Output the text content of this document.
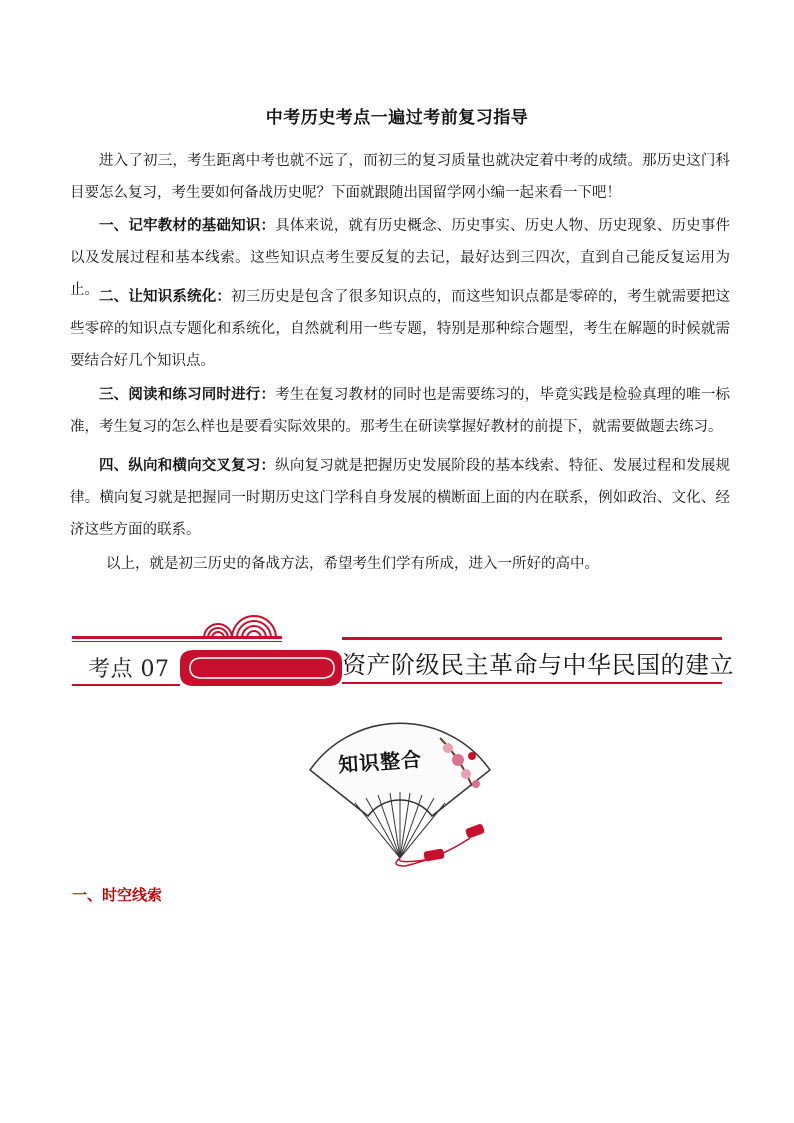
中考历史考点一遍过考前复习指导
进入了初三，考生距离中考也就不远了，而初三的复习质量也就决定着中考的成绩。那历史这门科目要怎么复习，考生要如何备战历史呢？下面就跟随出国留学网小编一起来看一下吧！
一、记牢教材的基础知识：具体来说，就有历史概念、历史事实、历史人物、历史现象、历史事件以及发展过程和基本线索。这些知识点考生要反复的去记，最好达到三四次，直到自己能反复运用为止。 二、让知识系统化：初三历史是包含了很多知识点的，而这些知识点都是零碎的，考生就需要把这些零碎的知识点专题化和系统化，自然就利用一些专题，特别是那种综合题型，考生在解题的时候就需要结合好几个知识点。
三、阅读和练习同时进行：考生在复习教材的同时也是需要练习的，毕竟实践是检验真理的唯一标准，考生复习的怎么样也是要看实际效果的。那考生在研读掌握好教材的前提下，就需要做题去练习。
四、纵向和横向交叉复习：纵向复习就是把握历史发展阶段的基本线索、特征、发展过程和发展规律。横向复习就是把握同一时期历史这门学科自身发展的横断面上面的内在联系，例如政治、文化、经济这些方面的联系。
以上，就是初三历史的备战方法，希望考生们学有所成，进入一所好的高中。
考点 07	资产阶级民主革命与中华民国的建立
知识整合
一、时空线索
